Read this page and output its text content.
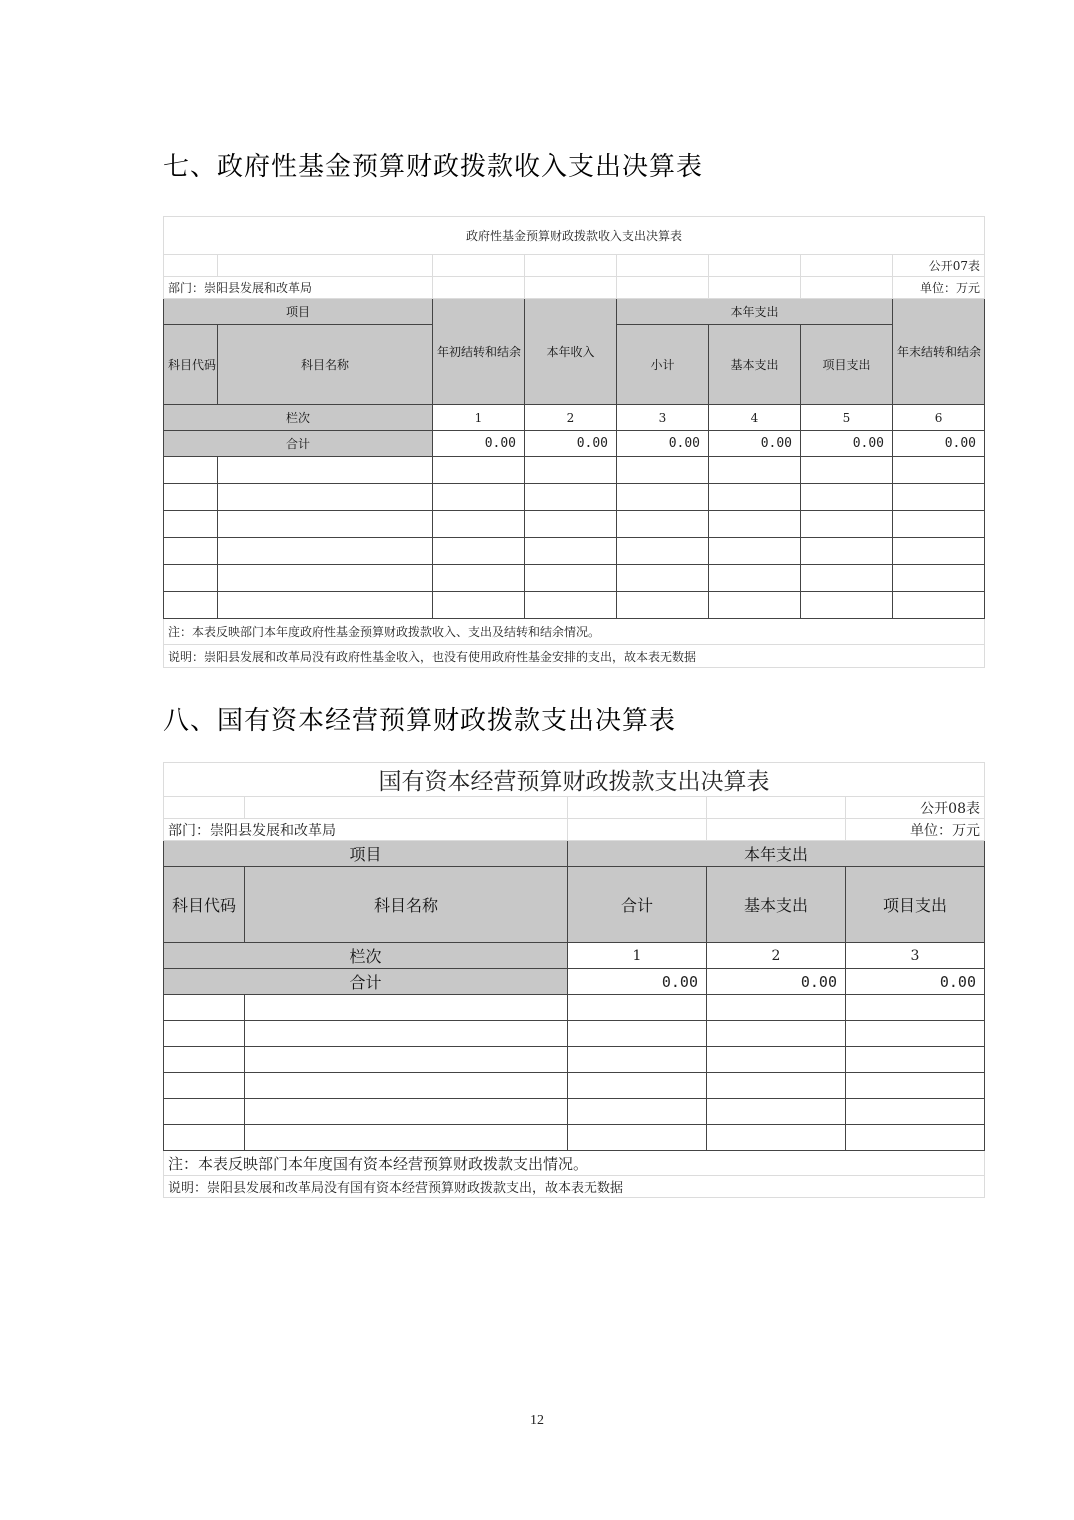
七、政府性基金预算财政拨款收入支出决算表
政府性基金预算财政拨款收入支出决算表							
							公开07表
部门：崇阳县发展和改革局							单位：万元
项目		年初结转和结余	本年收入	本年支出			年末结转和结余
科目代码	科目名称			小计	基本支出	项目支出	
栏次		1	2	3	4	5	6
合计		0.00	0.00	0.00	0.00	0.00	0.00

注：本表反映部门本年度政府性基金预算财政拨款收入、支出及结转和结余情况。							
说明：崇阳县发展和改革局没有政府性基金收入，也没有使用政府性基金安排的支出，故本表无数据							
八、国有资本经营预算财政拨款支出决算表
国有资本经营预算财政拨款支出决算表				
				公开08表
部门：崇阳县发展和改革局				单位：万元
项目		本年支出		
科目代码	科目名称	合计	基本支出	项目支出
栏次		1	2	3
合计		0.00	0.00	0.00

注：本表反映部门本年度国有资本经营预算财政拨款支出情况。				
说明：崇阳县发展和改革局没有国有资本经营预算财政拨款支出，故本表无数据				
12
